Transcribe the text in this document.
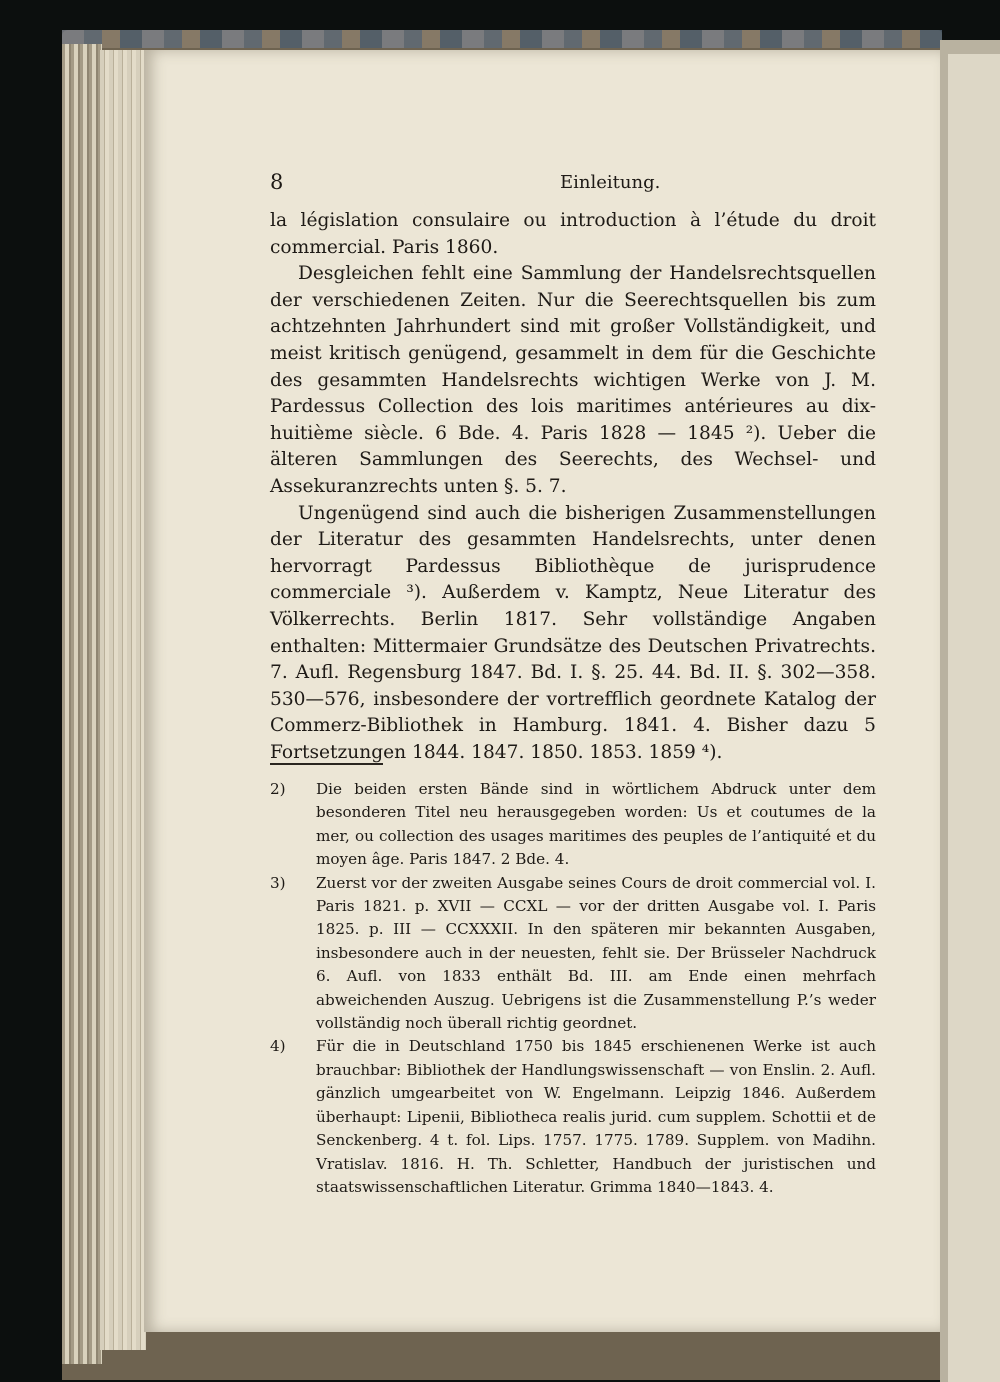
8	Einleitung.

la législation consulaire ou introduction à l’étude du droit commercial. Paris 1860.

Desgleichen fehlt eine Sammlung der Handelsrechtsquellen der verschiedenen Zeiten. Nur die Seerechtsquellen bis zum achtzehnten Jahrhundert sind mit großer Vollständigkeit, und meist kritisch genügend, gesammelt in dem für die Geschichte des gesammten Handelsrechts wichtigen Werke von J. M. Pardessus Collection des lois maritimes antérieures au dix-huitième siècle. 6 Bde. 4. Paris 1828 — 1845 ²). Ueber die älteren Sammlungen des Seerechts, des Wechsel- und Assekuranzrechts unten §. 5. 7.

Ungenügend sind auch die bisherigen Zusammenstellungen der Literatur des gesammten Handelsrechts, unter denen hervorragt Pardessus Bibliothèque de jurisprudence commerciale ³). Außerdem v. Kamptz, Neue Literatur des Völkerrechts. Berlin 1817. Sehr vollständige Angaben enthalten: Mittermaier Grundsätze des Deutschen Privatrechts. 7. Aufl. Regensburg 1847. Bd. I. §. 25. 44. Bd. II. §. 302—358. 530—576, insbesondere der vortrefflich geordnete Katalog der Commerz-Bibliothek in Hamburg. 1841. 4. Bisher dazu 5 Fortsetzungen 1844. 1847. 1850. 1853. 1859 ⁴).

2)	Die beiden ersten Bände sind in wörtlichem Abdruck unter dem besonderen Titel neu herausgegeben worden: Us et coutumes de la mer, ou collection des usages maritimes des peuples de l’antiquité et du moyen âge. Paris 1847. 2 Bde. 4.
3)	Zuerst vor der zweiten Ausgabe seines Cours de droit commercial vol. I. Paris 1821. p. XVII — CCXL — vor der dritten Ausgabe vol. I. Paris 1825. p. III — CCXXXII. In den späteren mir bekannten Ausgaben, insbesondere auch in der neuesten, fehlt sie. Der Brüsseler Nachdruck 6. Aufl. von 1833 enthält Bd. III. am Ende einen mehrfach abweichenden Auszug. Uebrigens ist die Zusammenstellung P.’s weder vollständig noch überall richtig geordnet.
4)	Für die in Deutschland 1750 bis 1845 erschienenen Werke ist auch brauchbar: Bibliothek der Handlungswissenschaft — von Enslin. 2. Aufl. gänzlich umgearbeitet von W. Engelmann. Leipzig 1846. Außerdem überhaupt: Lipenii, Bibliotheca realis jurid. cum supplem. Schottii et de Senckenberg. 4 t. fol. Lips. 1757. 1775. 1789. Supplem. von Madihn. Vratislav. 1816. H. Th. Schletter, Handbuch der juristischen und staatswissenschaftlichen Literatur. Grimma 1840—1843. 4.
